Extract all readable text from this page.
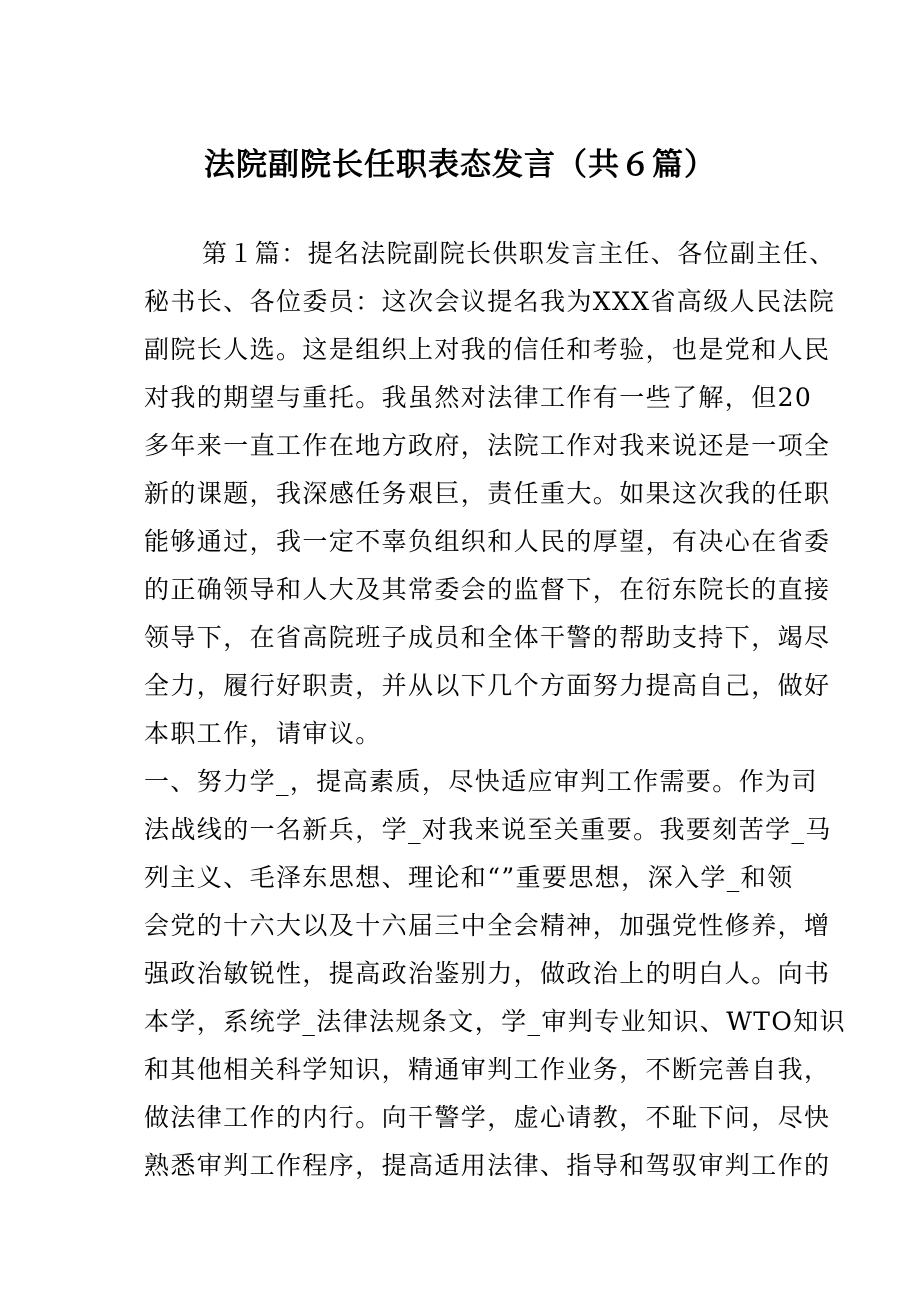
法院副院长任职表态发言（共６篇）
第１篇：提名法院副院长供职发言主任、各位副主任、
秘书长、各位委员：这次会议提名我为XXX省高级人民法院
副院长人选。这是组织上对我的信任和考验，也是党和人民
对我的期望与重托。我虽然对法律工作有一些了解，但20
多年来一直工作在地方政府，法院工作对我来说还是一项全
新的课题，我深感任务艰巨，责任重大。如果这次我的任职
能够通过，我一定不辜负组织和人民的厚望，有决心在省委
的正确领导和人大及其常委会的监督下，在衍东院长的直接
领导下，在省高院班子成员和全体干警的帮助支持下，竭尽
全力，履行好职责，并从以下几个方面努力提高自己，做好
本职工作，请审议。
一、努力学_，提高素质，尽快适应审判工作需要。作为司
法战线的一名新兵，学_对我来说至关重要。我要刻苦学_马
列主义、毛泽东思想、理论和“”重要思想，深入学_和领
会党的十六大以及十六届三中全会精神，加强党性修养，增
强政治敏锐性，提高政治鉴别力，做政治上的明白人。向书
本学，系统学_法律法规条文，学_审判专业知识、WTO知识
和其他相关科学知识，精通审判工作业务，不断完善自我，
做法律工作的内行。向干警学，虚心请教，不耻下问，尽快
熟悉审判工作程序，提高适用法律、指导和驾驭审判工作的
